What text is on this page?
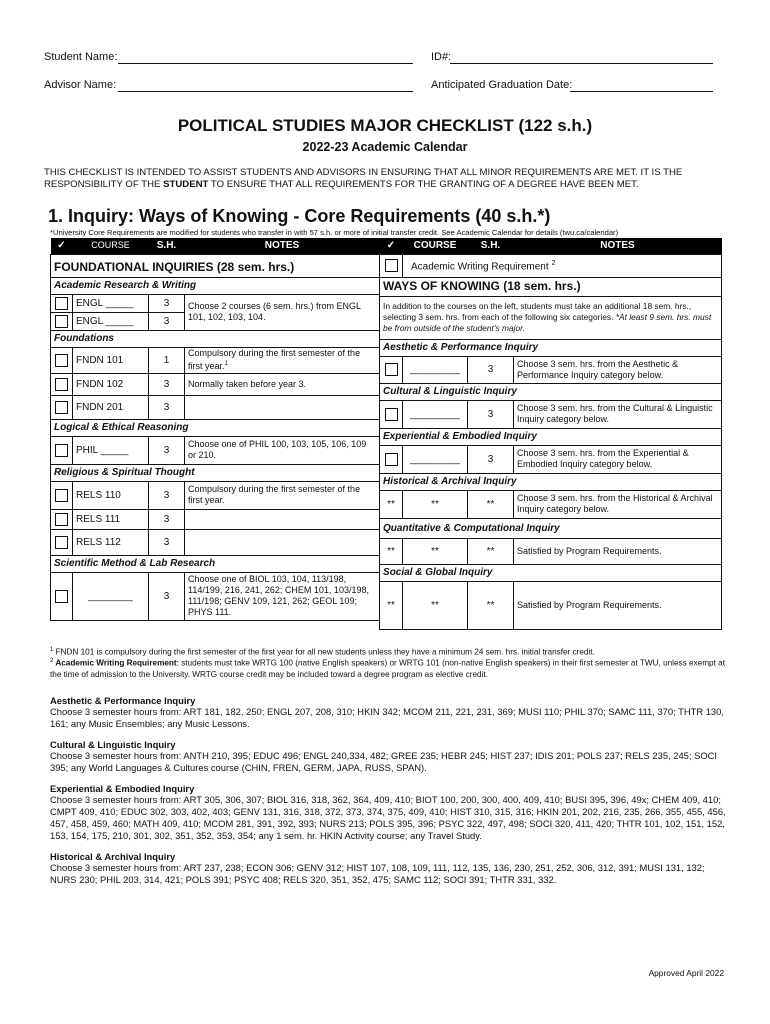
Student Name:	ID#:
Advisor Name:	Anticipated Graduation Date:
POLITICAL STUDIES MAJOR CHECKLIST (122 s.h.)
2022-23 Academic Calendar
THIS CHECKLIST IS INTENDED TO ASSIST STUDENTS AND ADVISORS IN ENSURING THAT ALL MINOR REQUIREMENTS ARE MET. IT IS THE RESPONSIBILITY OF THE STUDENT TO ENSURE THAT ALL REQUIREMENTS FOR THE GRANTING OF A DEGREE HAVE BEEN MET.
1. Inquiry: Ways of Knowing - Core Requirements (40 s.h.*)
*University Core Requirements are modified for students who transfer in with 57 s.h. or more of initial transfer credit. See Academic Calendar for details (twu.ca/calendar)
✓	COURSE	S.H.	NOTES
FOUNDATIONAL INQUIRIES (28 sem. hrs.)			
Academic Research & Writing			
	ENGL _____	3	Choose 2 courses (6 sem. hrs.) from ENGL 101, 102, 103, 104.
	ENGL _____	3	
Foundations			
	FNDN 101	1	Compulsory during the first semester of the first year.$^1$
	FNDN 102	3	Normally taken before year 3.
	FNDN 201	3	
Logical & Ethical Reasoning			
	PHIL _____	3	Choose one of PHIL 100, 103, 105, 106, 109 or 210.
Religious & Spiritual Thought			
	RELS 110	3	Compulsory during the first semester of the first year.
	RELS 111	3	
	RELS 112	3	
Scientific Method & Lab Research			
	________	3	Choose one of BIOL 103, 104, 113/198, 114/199, 216, 241, 262; CHEM 101, 103/198, 111/198; GENV 109, 121, 262; GEOL 109; PHYS 111.
✓	COURSE	S.H.	NOTES
	Academic Writing Requirement $^2$
WAYS OF KNOWING (18 sem. hrs.)			
In addition to the courses on the left, students must take an additional 18 sem. hrs., selecting 3 sem. hrs. from each of the following six categories. *At least 9 sem. hrs. must be from outside of the student’s major.			
Aesthetic & Performance Inquiry			
	_________	3	Choose 3 sem. hrs. from the Aesthetic & Performance Inquiry category below.
Cultural & Linguistic Inquiry			
	_________	3	Choose 3 sem. hrs. from the Cultural & Linguistic Inquiry category below.
Experiential & Embodied Inquiry			
	_________	3	Choose 3 sem. hrs. from the Experiential & Embodied Inquiry category below.
Historical & Archival Inquiry			
**	**	**	Choose 3 sem. hrs. from the Historical & Archival Inquiry category below.
Quantitative & Computational Inquiry			
**	**	**	Satisfied by Program Requirements.
Social & Global Inquiry			
**	**	**	Satisfied by Program Requirements.
$^1$ FNDN 101 is compulsory during the first semester of the first year for all new students unless they have a minimum 24 sem. hrs. initial transfer credit.
$^2$ Academic Writing Requirement: students must take WRTG 100 (native English speakers) or WRTG 101 (non-native English speakers) in their first semester at TWU, unless exempt at the time of admission to the University. WRTG course credit may be included toward a degree program as elective credit.
Aesthetic & Performance Inquiry
Choose 3 semester hours from: ART 181, 182, 250; ENGL 207, 208, 310; HKIN 342; MCOM 211, 221, 231, 369; MUSI 110; PHIL 370; SAMC 111, 370; THTR 130, 161; any Music Ensembles; any Music Lessons.
Cultural & Linguistic Inquiry
Choose 3 semester hours from: ANTH 210, 395; EDUC 496; ENGL 240,334, 482; GREE 235; HEBR 245; HIST 237; IDIS 201; POLS 237; RELS 235, 245; SOCI 395; any World Languages & Cultures course (CHIN, FREN, GERM, JAPA, RUSS, SPAN).
Experiential & Embodied Inquiry
Choose 3 semester hours from: ART 305, 306, 307; BIOL 316, 318, 362, 364, 409, 410; BIOT 100, 200, 300, 400, 409, 410; BUSI 395, 396, 49x; CHEM 409, 410; CMPT 409, 410; EDUC 302, 303, 402, 403; GENV 131, 316, 318, 372, 373, 374, 375, 409, 410; HIST 310, 315, 316; HKIN 201, 202, 216, 235, 266, 355, 455, 456, 457, 458, 459, 460; MATH 409, 410; MCOM 281, 391, 392, 393; NURS 213; POLS 395, 396; PSYC 322, 497, 498; SOCI 320, 411, 420; THTR 101, 102, 151, 152, 153, 154, 175, 210, 301, 302, 351, 352, 353, 354; any 1 sem. hr. HKIN Activity course; any Travel Study.
Historical & Archival Inquiry
Choose 3 semester hours from: ART 237, 238; ECON 306; GENV 312; HIST 107, 108, 109, 111, 112, 135, 136, 230, 251, 252, 306, 312, 391; MUSI 131, 132; NURS 230; PHIL 203, 314, 421; POLS 391; PSYC 408; RELS 320, 351, 352, 475; SAMC 112; SOCI 391; THTR 331, 332.
Approved April 2022
